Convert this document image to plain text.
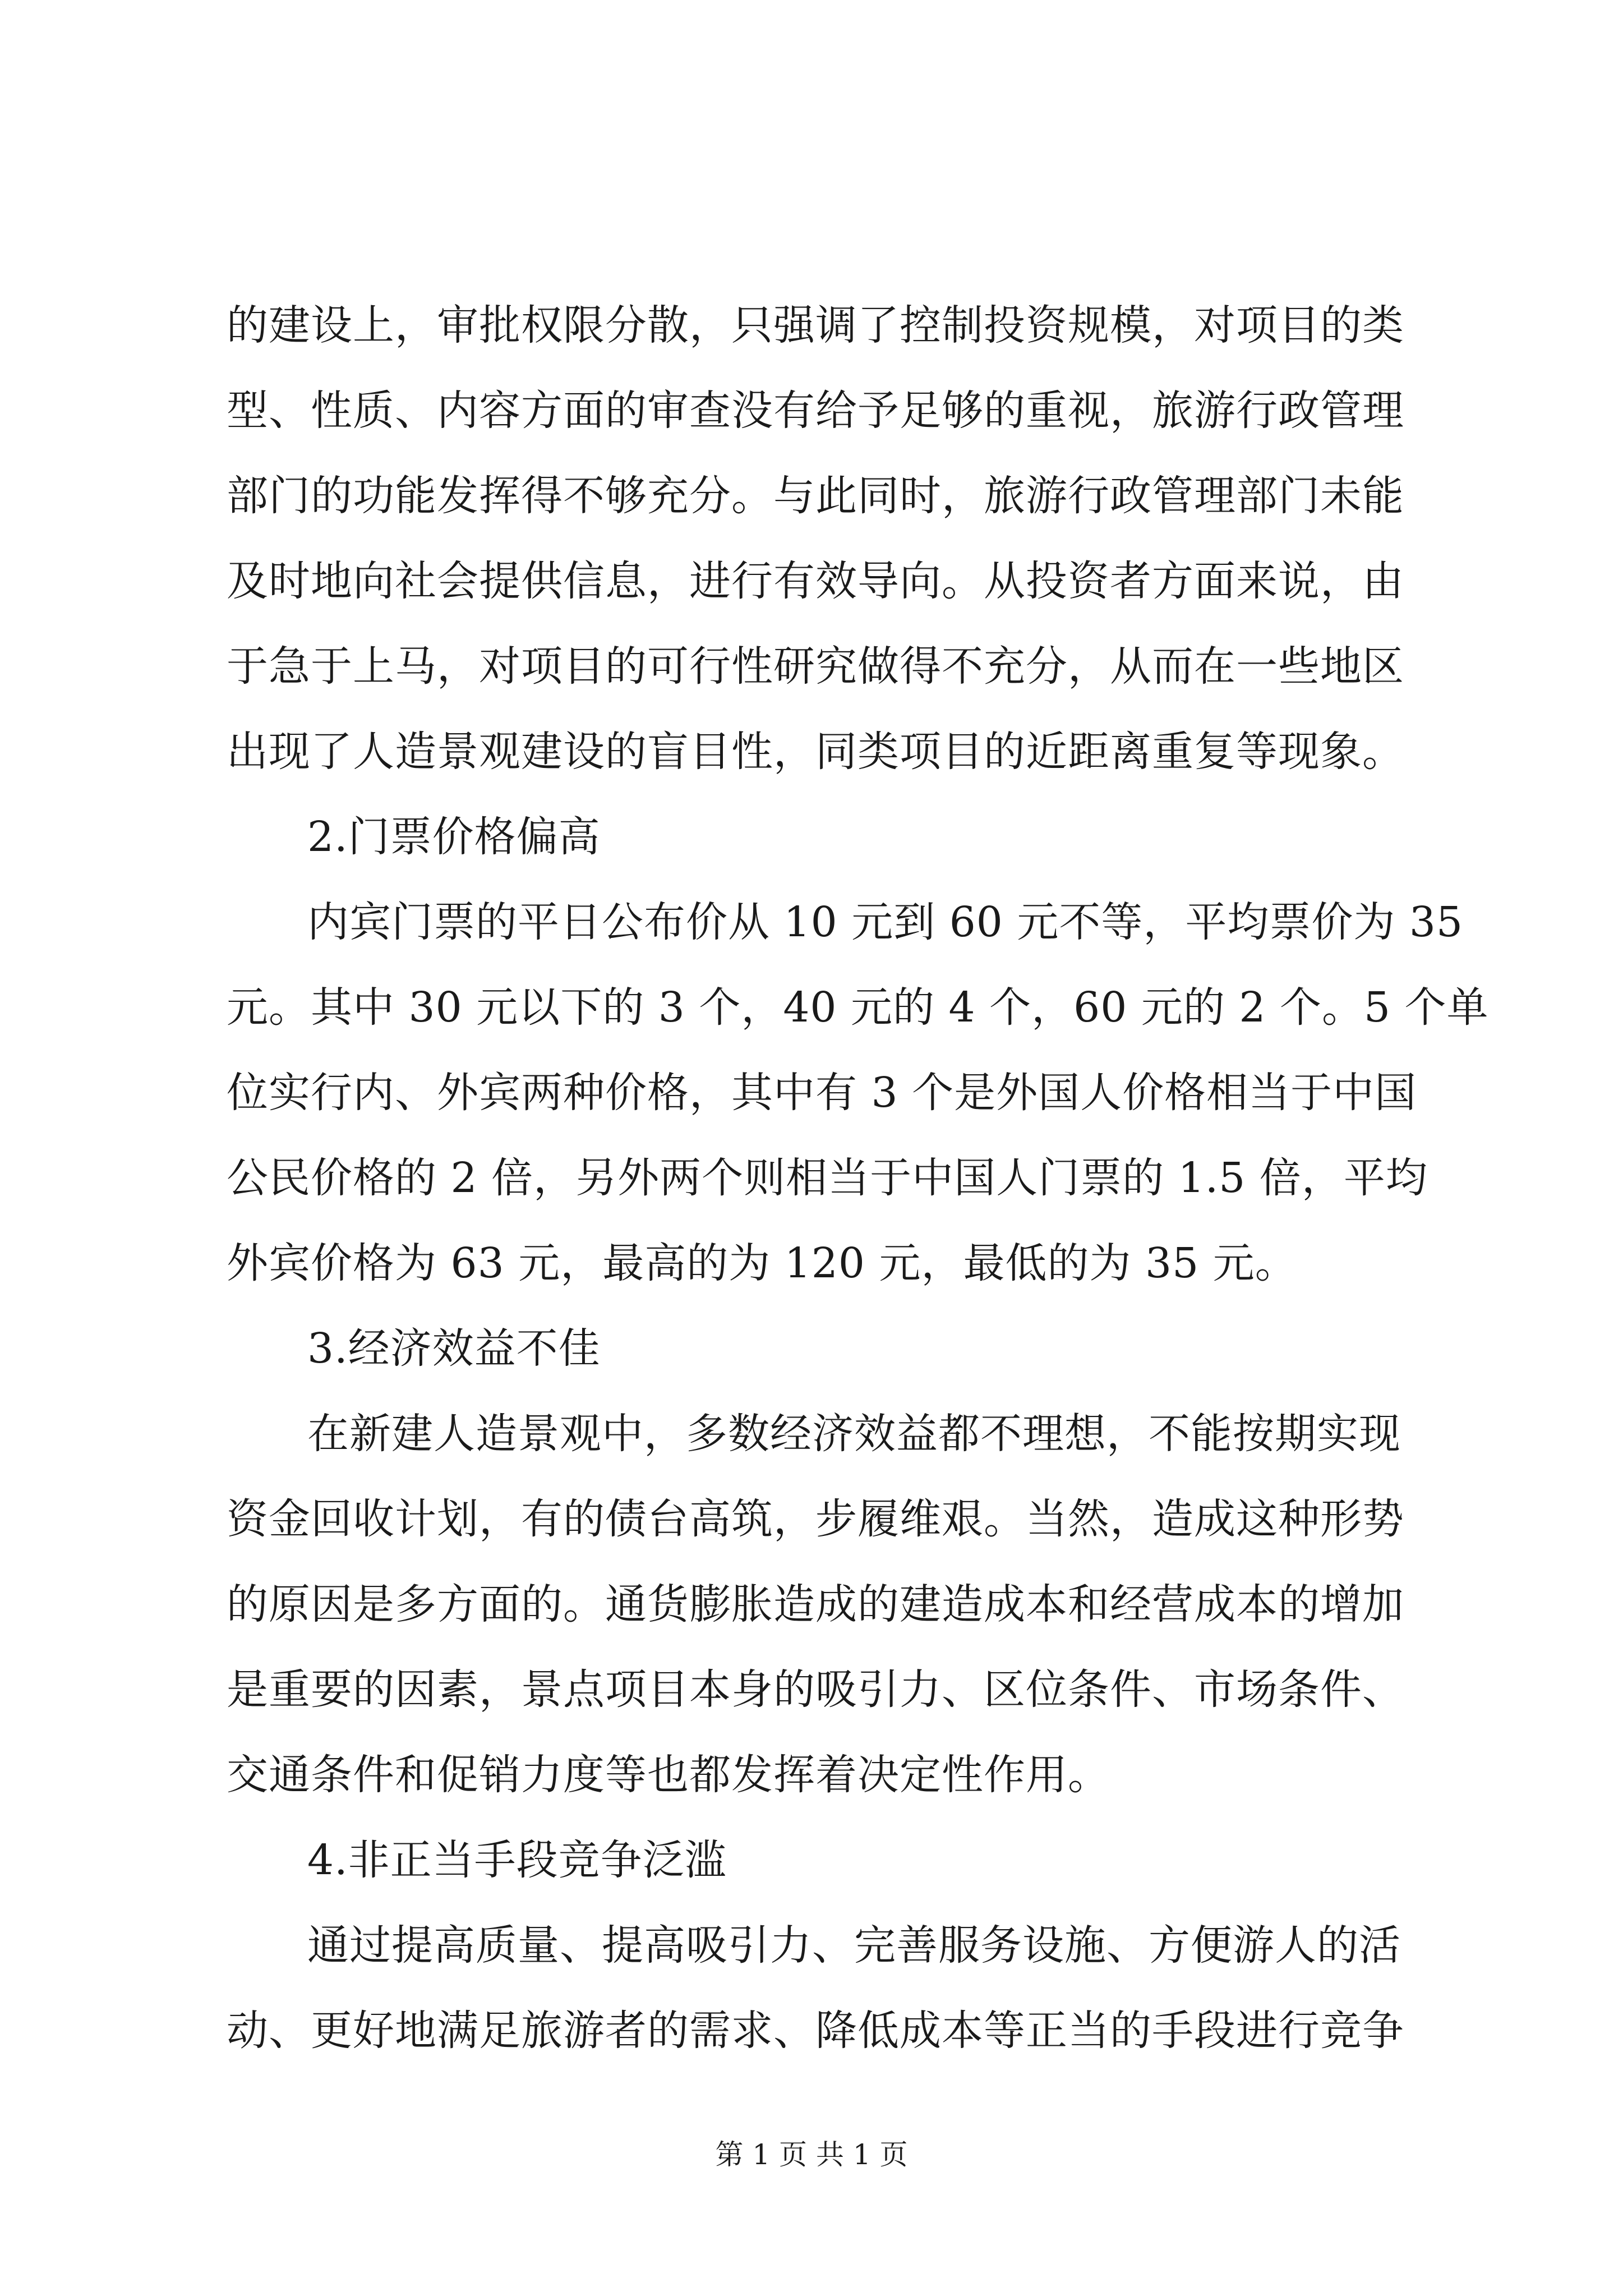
的建设上，审批权限分散，只强调了控制投资规模，对项目的类
型、性质、内容方面的审查没有给予足够的重视，旅游行政管理
部门的功能发挥得不够充分。与此同时，旅游行政管理部门未能
及时地向社会提供信息，进行有效导向。从投资者方面来说，由
于急于上马，对项目的可行性研究做得不充分，从而在一些地区
出现了人造景观建设的盲目性，同类项目的近距离重复等现象。
2.门票价格偏高
内宾门票的平日公布价从 10 元到 60 元不等，平均票价为 35
元。其中 30 元以下的 3 个，40 元的 4 个，60 元的 2 个。5 个单
位实行内、外宾两种价格，其中有 3 个是外国人价格相当于中国
公民价格的 2 倍，另外两个则相当于中国人门票的 1.5 倍，平均
外宾价格为 63 元，最高的为 120 元，最低的为 35 元。
3.经济效益不佳
在新建人造景观中，多数经济效益都不理想，不能按期实现
资金回收计划，有的债台高筑，步履维艰。当然，造成这种形势
的原因是多方面的。通货膨胀造成的建造成本和经营成本的增加
是重要的因素，景点项目本身的吸引力、区位条件、市场条件、
交通条件和促销力度等也都发挥着决定性作用。
4.非正当手段竞争泛滥
通过提高质量、提高吸引力、完善服务设施、方便游人的活
动、更好地满足旅游者的需求、降低成本等正当的手段进行竞争
第 1 页 共 1 页
